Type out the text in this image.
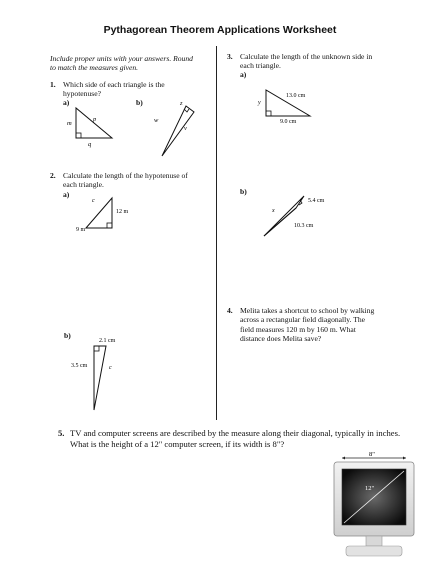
Pythagorean Theorem Applications Worksheet
Include proper units with your answers. Round
to match the measures given.
1. Which side of each triangle is the
hypotenuse?
a)	b)
m
p
q
z
w
v
2. Calculate the length of the hypotenuse of
each triangle.
a)
c
12 m
9 m
b)
2.1 cm
3.5 cm	c
3. Calculate the length of the unknown side in
each triangle.
a)
y
13.0 cm
9.0 cm
b)
x
5.4 cm
10.3 cm
4. Melita takes a shortcut to school by walking
across a rectangular field diagonally. The
field measures 120 m by 160 m. What
distance does Melita save?
5. TV and computer screens are described by the measure along their diagonal, typically in inches.
What is the height of a 12" computer screen, if its width is 8"?
8"
12"
